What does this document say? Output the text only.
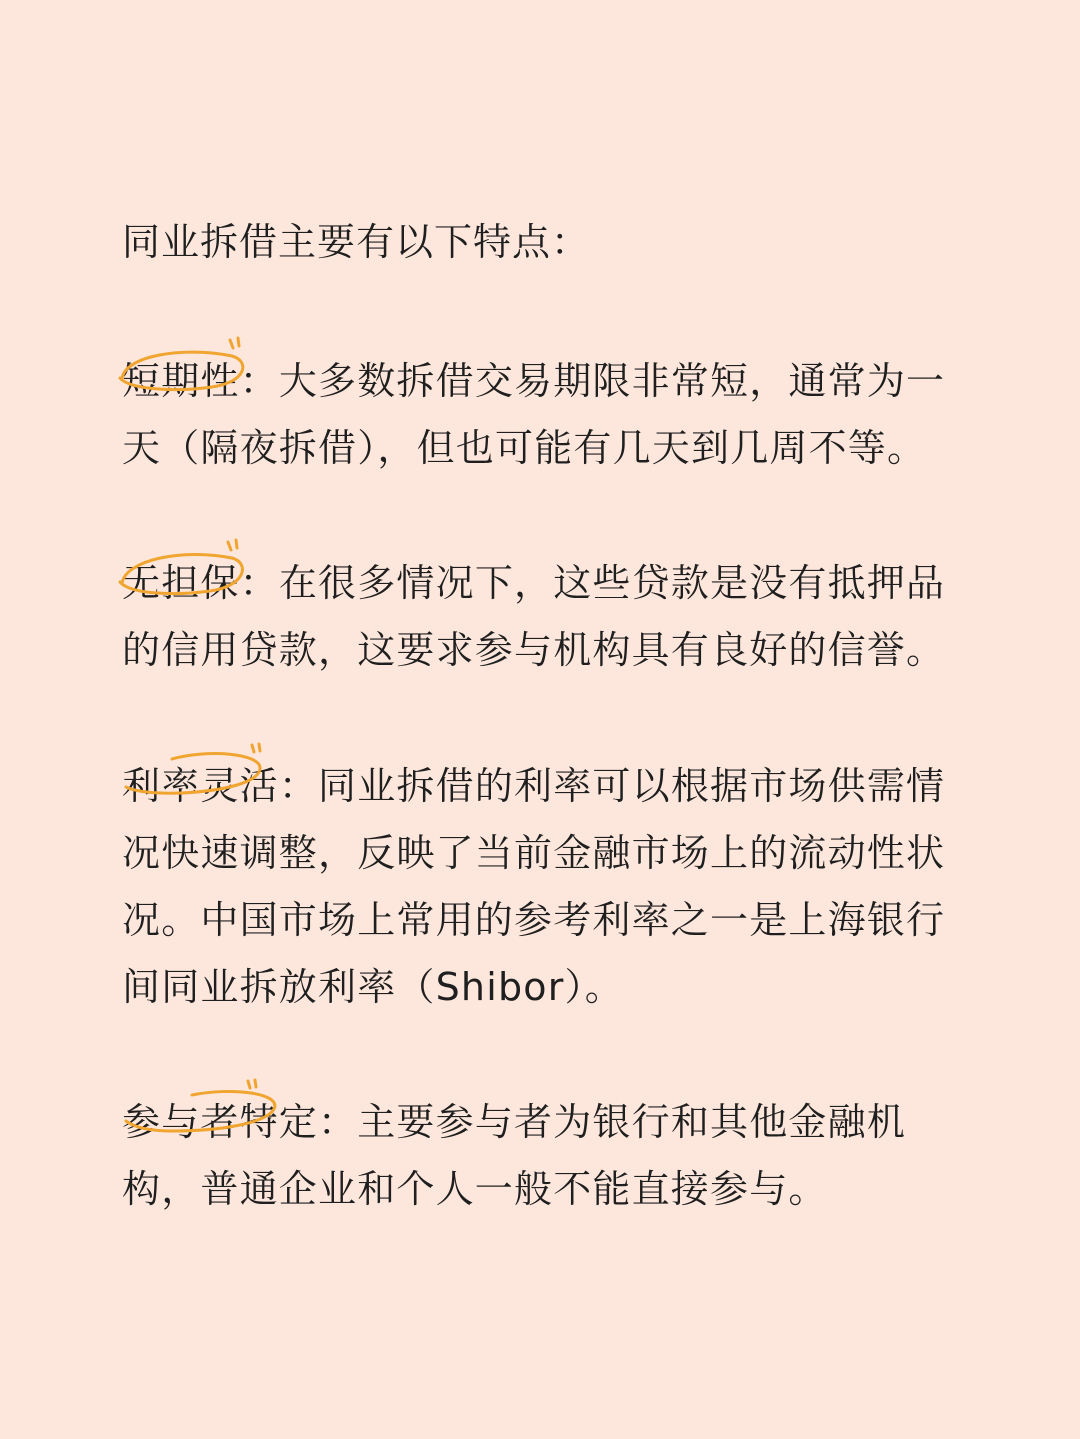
同业拆借主要有以下特点：

短期性：大多数拆借交易期限非常短，通常为一天（隔夜拆借），但也可能有几天到几周不等。

无担保：在很多情况下，这些贷款是没有抵押品的信用贷款，这要求参与机构具有良好的信誉。

利率灵活：同业拆借的利率可以根据市场供需情况快速调整，反映了当前金融市场上的流动性状况。中国市场上常用的参考利率之一是上海银行间同业拆放利率（Shibor）。

参与者特定：主要参与者为银行和其他金融机构，普通企业和个人一般不能直接参与。
